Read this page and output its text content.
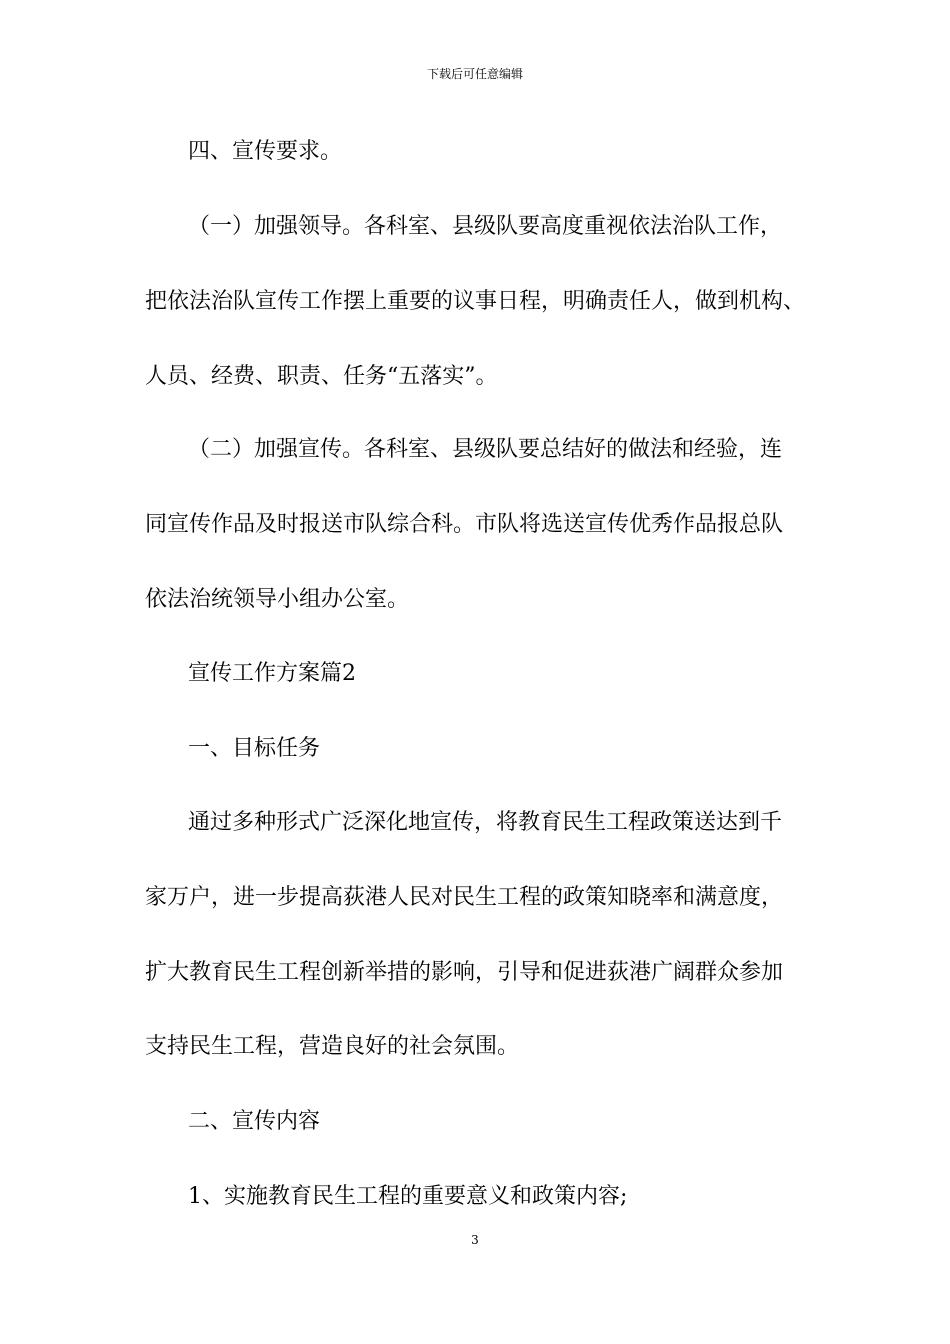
下载后可任意编辑
四、宣传要求。
（一）加强领导。各科室、县级队要高度重视依法治队工作，
把依法治队宣传工作摆上重要的议事日程，明确责任人，做到机构、
人员、经费、职责、任务“五落实”。
（二）加强宣传。各科室、县级队要总结好的做法和经验，连
同宣传作品及时报送市队综合科。市队将选送宣传优秀作品报总队
依法治统领导小组办公室。
宣传工作方案篇2
一、目标任务
通过多种形式广泛深化地宣传，将教育民生工程政策送达到千
家万户，进一步提高荻港人民对民生工程的政策知晓率和满意度，
扩大教育民生工程创新举措的影响，引导和促进荻港广阔群众参加
支持民生工程，营造良好的社会氛围。
二、宣传内容
1、实施教育民生工程的重要意义和政策内容;
3
